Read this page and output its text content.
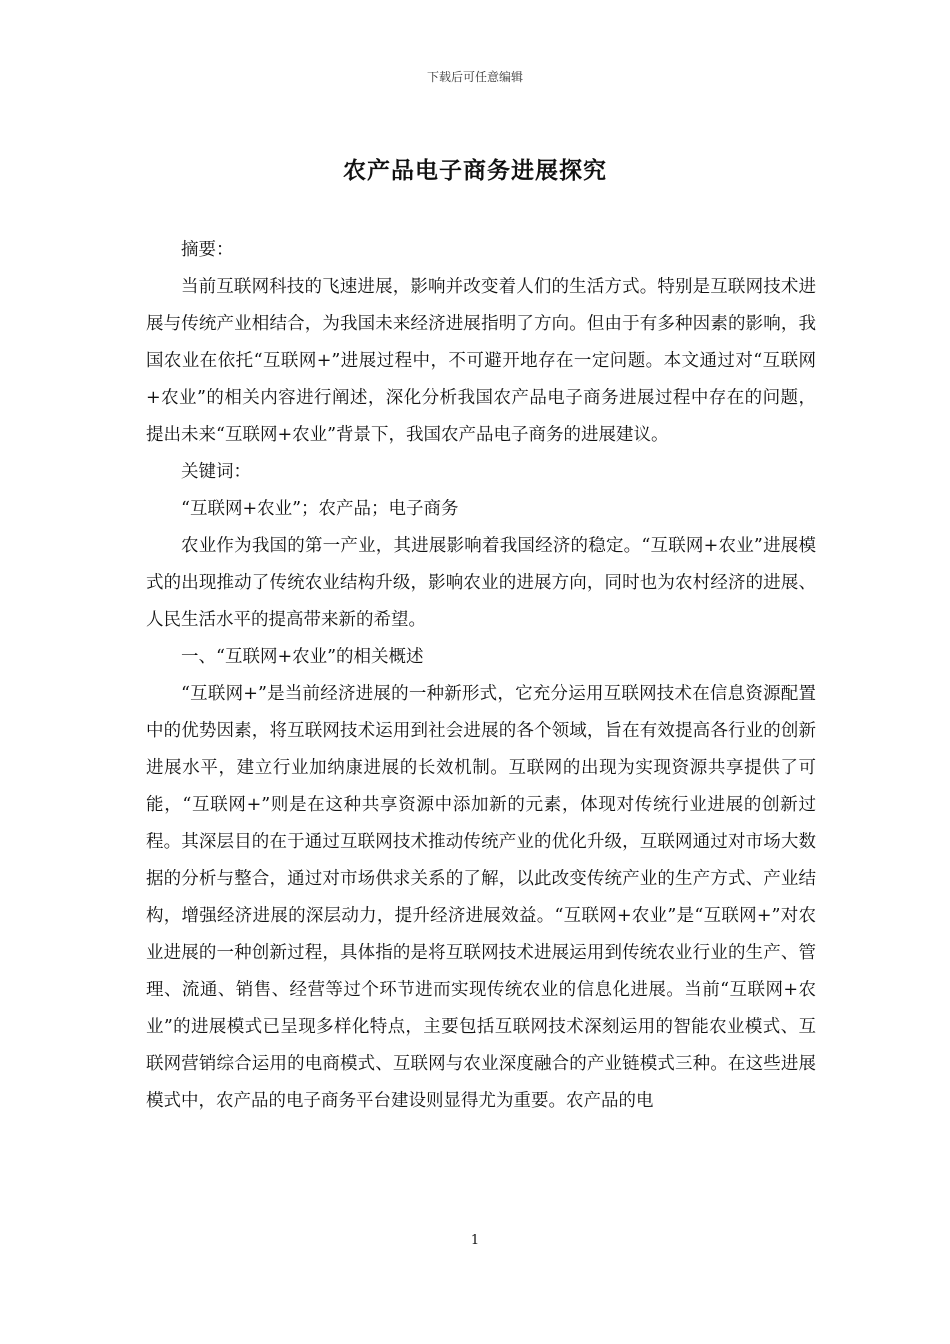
下载后可任意编辑
农产品电子商务进展探究

摘要：

当前互联网科技的飞速进展，影响并改变着人们的生活方式。特别是互联网技术进展与传统产业相结合，为我国未来经济进展指明了方向。但由于有多种因素的影响，我国农业在依托“互联网+”进展过程中，不可避开地存在一定问题。本文通过对“互联网+农业”的相关内容进行阐述，深化分析我国农产品电子商务进展过程中存在的问题，提出未来“互联网+农业”背景下，我国农产品电子商务的进展建议。

关键词：

“互联网+农业”；农产品；电子商务

农业作为我国的第一产业，其进展影响着我国经济的稳定。“互联网+农业”进展模式的出现推动了传统农业结构升级，影响农业的进展方向，同时也为农村经济的进展、人民生活水平的提高带来新的希望。

一、“互联网+农业”的相关概述

“互联网+”是当前经济进展的一种新形式，它充分运用互联网技术在信息资源配置中的优势因素，将互联网技术运用到社会进展的各个领域，旨在有效提高各行业的创新进展水平，建立行业加纳康进展的长效机制。互联网的出现为实现资源共享提供了可能，“互联网+”则是在这种共享资源中添加新的元素，体现对传统行业进展的创新过程。其深层目的在于通过互联网技术推动传统产业的优化升级，互联网通过对市场大数据的分析与整合，通过对市场供求关系的了解，以此改变传统产业的生产方式、产业结构，增强经济进展的深层动力，提升经济进展效益。“互联网+农业”是“互联网+”对农业进展的一种创新过程，具体指的是将互联网技术进展运用到传统农业行业的生产、管理、流通、销售、经营等过个环节进而实现传统农业的信息化进展。当前“互联网+农业”的进展模式已呈现多样化特点，主要包括互联网技术深刻运用的智能农业模式、互联网营销综合运用的电商模式、互联网与农业深度融合的产业链模式三种。在这些进展模式中，农产品的电子商务平台建设则显得尤为重要。农产品的电

1
